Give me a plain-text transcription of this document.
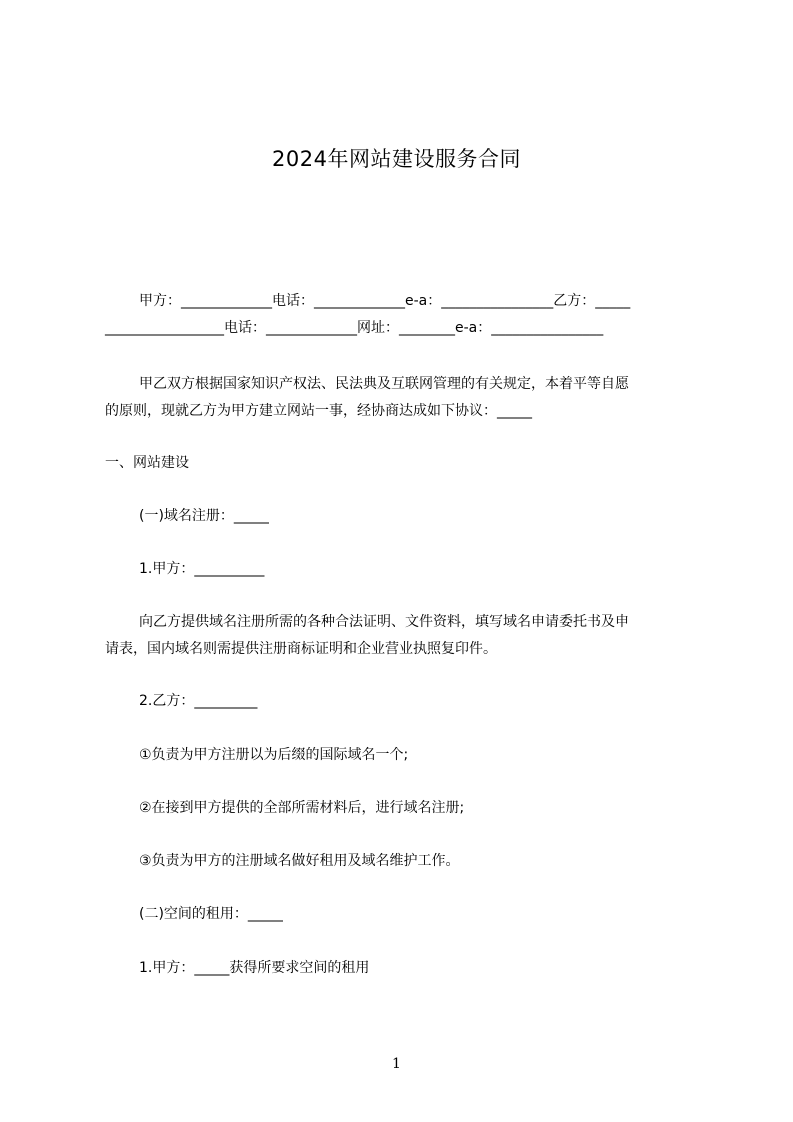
2024年网站建设服务合同
甲方：_____________电话：_____________e-a：________________乙方：_____
_________________电话：_____________网址：________e-a：________________
甲乙双方根据国家知识产权法、民法典及互联网管理的有关规定，本着平等自愿
的原则，现就乙方为甲方建立网站一事，经协商达成如下协议：_____
一、网站建设
(一)域名注册：_____
1.甲方：__________
向乙方提供域名注册所需的各种合法证明、文件资料，填写域名申请委托书及申
请表，国内域名则需提供注册商标证明和企业营业执照复印件。
2.乙方：_________
①负责为甲方注册以为后缀的国际域名一个;
②在接到甲方提供的全部所需材料后，进行域名注册;
③负责为甲方的注册域名做好租用及域名维护工作。
(二)空间的租用：_____
1.甲方：_____获得所要求空间的租用
1
